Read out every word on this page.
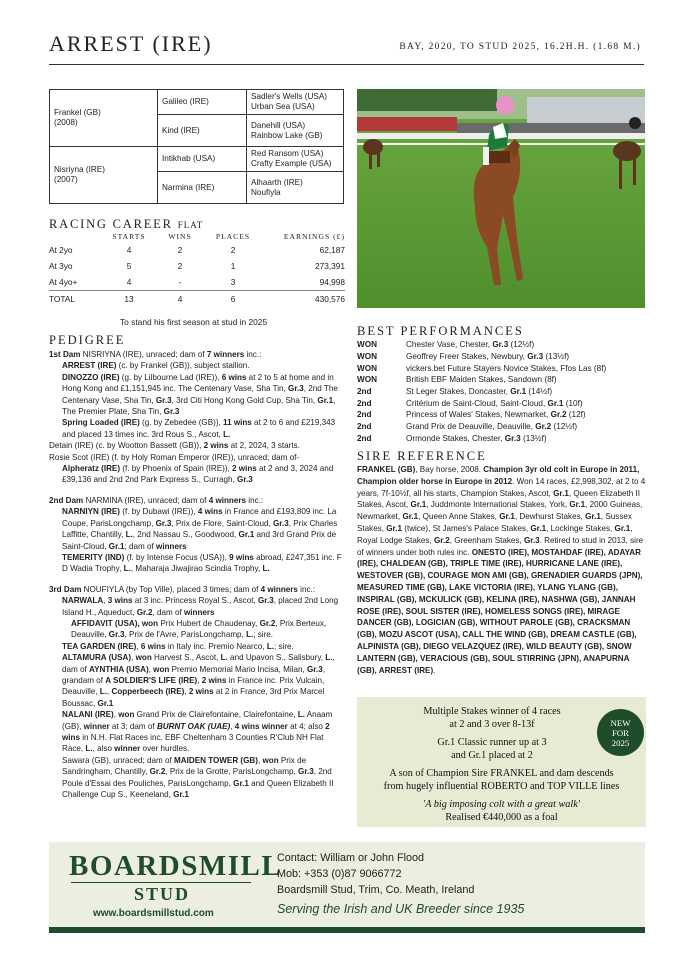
ARREST (IRE)	BAY, 2020, TO STUD 2025, 16.2H.H. (1.68 M.)
Frankel (GB)
(2008)	Galileo (IRE)	Sadler's Wells (USA)
Urban Sea (USA)

	Kind (IRE)	Danehill (USA)
Rainbow Lake (GB)

Nisriyna (IRE)
(2007)	Intikhab (USA)	Red Ransom (USA)
Crafty Example (USA)

	Narmina (IRE)	Alhaarth (IRE)
Noufiyla

RACING CAREER FLAT
	STARTS	WINS	PLACES	EARNINGS (£)
At 2yo	4	2	2	62,187
At 3yo	5	2	1	273,391
At 4yo+	4	-	3	94,998
TOTAL	13	4	6	430,576
To stand his first season at stud in 2025
PEDIGREE

1st Dam NISRIYNA (IRE), unraced; dam of 7 winners inc.:

ARREST (IRE) (c. by Frankel (GB)), subject stallion.

DINOZZO (IRE) (g. by Lilbourne Lad (IRE)), 6 wins at 2 to 5 at home and in Hong Kong and £1,151,945 inc. The Centenary Vase, Sha Tin, Gr.3, 2nd The Centenary Vase, Sha Tin, Gr.3, 3rd Citi Hong Kong Gold Cup, Sha Tin, Gr.1, The Premier Plate, Sha Tin, Gr.3

Spring Loaded (IRE) (g. by Zebedee (GB)), 11 wins at 2 to 6 and £219,343 and placed 13 times inc. 3rd Rous S., Ascot, L.

Detain (IRE) (c. by Wootton Bassett (GB)), 2 wins at 2, 2024, 3 starts.

Rosie Scot (IRE) (f. by Holy Roman Emperor (IRE)), unraced; dam of-

Alpheratz (IRE) (f. by Phoenix of Spain (IRE)), 2 wins at 2 and 3, 2024 and £39,136 and 2nd 2nd Park Express S., Curragh, Gr.3

2nd Dam NARMINA (IRE), unraced; dam of 4 winners inc.:

NARNIYN (IRE) (f. by Dubawi (IRE)), 4 wins in France and £193,809 inc. La Coupe, ParisLongchamp, Gr.3, Prix de Flore, Saint-Cloud, Gr.3, Prix Charles Laffitte, Chantilly, L., 2nd Nassau S., Goodwood, Gr.1 and 3rd Grand Prix de Saint-Cloud, Gr.1; dam of winners

TEMERITY (IND) (f. by Intense Focus (USA)), 9 wins abroad, £247,351 inc. F D Wadia Trophy, L., Maharaja Jiwajirao Scindia Trophy, L.

3rd Dam NOUFIYLA (by Top Ville), placed 3 times; dam of 4 winners inc.:

NARWALA, 3 wins at 3 inc. Princess Royal S., Ascot, Gr.3, placed 2nd Long Island H., Aqueduct, Gr.2, dam of winners

AFFIDAVIT (USA), won Prix Hubert de Chaudenay, Gr.2, Prix Berteux, Deauville, Gr.3, Prix de l'Avre, ParisLongchamp, L.; sire.

TEA GARDEN (IRE), 6 wins in Italy inc. Premio Nearco, L.; sire.

ALTAMURA (USA), won Harvest S., Ascot, L. and Upavon S., Salisbury, L., dam of AYNTHIA (USA), won Premio Memorial Mario Incisa, Milan, Gr.3, grandam of A SOLDIER'S LIFE (IRE), 2 wins in France inc. Prix Vulcain, Deauville, L., Copperbeech (IRE), 2 wins at 2 in France, 3rd Prix Marcel Boussac, Gr.1

NALANI (IRE), won Grand Prix de Clairefontaine, Clairefontaine, L. Anaam (GB), winner at 3; dam of BURNT OAK (UAE), 4 wins winner at 4; also 2 wins in N.H. Flat Races inc. EBF Cheltenham 3 Counties R'Club NH Flat Race, L., also winner over hurdles.

Sawara (GB), unraced; dam of MAIDEN TOWER (GB), won Prix de Sandringham, Chantilly, Gr.2, Prix de la Grotte, ParisLongchamp, Gr.3, 2nd Poule d'Essai des Pouliches, ParisLongchamp, Gr.1 and Queen Elizabeth II Challenge Cup S., Keeneland, Gr.1

BEST PERFORMANCES
WON	Chester Vase, Chester, Gr.3 (12½f)
WON	Geoffrey Freer Stakes, Newbury, Gr.3 (13½f)
WON	vickers.bet Future Stayers Novice Stakes, Ffos Las (8f)
WON	British EBF Maiden Stakes, Sandown (8f)
2nd	St Leger Stakes, Doncaster, Gr.1 (14½f)
2nd	Critérium de Saint-Cloud, Saint-Cloud, Gr.1 (10f)
2nd	Princess of Wales' Stakes, Newmarket, Gr.2 (12f)
2nd	Grand Prix de Deauville, Deauville, Gr.2 (12½f)
2nd	Ormonde Stakes, Chester, Gr.3 (13½f)
SIRE REFERENCE
FRANKEL (GB), Bay horse, 2008. Champion 3yr old colt in Europe in 2011, Champion older horse in Europe in 2012. Won 14 races, £2,998,302, at 2 to 4 years, 7f-10½f, all his starts, Champion Stakes, Ascot, Gr.1, Queen Elizabeth II Stakes, Ascot, Gr.1, Juddmonte International Stakes, York, Gr.1, 2000 Guineas, Newmarket, Gr.1, Queen Anne Stakes, Gr.1, Dewhurst Stakes, Gr.1, Sussex Stakes, Gr.1 (twice), St James's Palace Stakes, Gr.1, Lockinge Stakes, Gr.1, Royal Lodge Stakes, Gr.2, Greenham Stakes, Gr.3. Retired to stud in 2013, sire of winners under both rules inc. ONESTO (IRE), MOSTAHDAF (IRE), ADAYAR (IRE), CHALDEAN (GB), TRIPLE TIME (IRE), HURRICANE LANE (IRE), WESTOVER (GB), COURAGE MON AMI (GB), GRENADIER GUARDS (JPN), MEASURED TIME (GB), LAKE VICTORIA (IRE), YLANG YLANG (GB), INSPIRAL (GB), MCKULICK (GB), KELINA (IRE), NASHWA (GB), JANNAH ROSE (IRE), SOUL SISTER (IRE), HOMELESS SONGS (IRE), MIRAGE DANCER (GB), LOGICIAN (GB), WITHOUT PAROLE (GB), CRACKSMAN (GB), MOZU ASCOT (USA), CALL THE WIND (GB), DREAM CASTLE (GB), ALPINISTA (GB), DIEGO VELAZQUEZ (IRE), WILD BEAUTY (GB), SNOW LANTERN (GB), VERACIOUS (GB), SOUL STIRRING (JPN), ANAPURNA (GB), ARREST (IRE).
Multiple Stakes winner of 4 races
at 2 and 3 over 8-13f
Gr.1 Classic runner up at 3
and Gr.1 placed at 2
A son of Champion Sire FRANKEL and dam descends
from hugely influential ROBERTO and TOP VILLE lines
'A big imposing colt with a great walk'
Realised €440,000 as a foal
NEW
FOR
2025
BOARDSMILL
STUD
www.boardsmillstud.com
Contact: William or John Flood
Mob: +353 (0)87 9066772
Boardsmill Stud, Trim, Co. Meath, Ireland
Serving the Irish and UK Breeder since 1935
